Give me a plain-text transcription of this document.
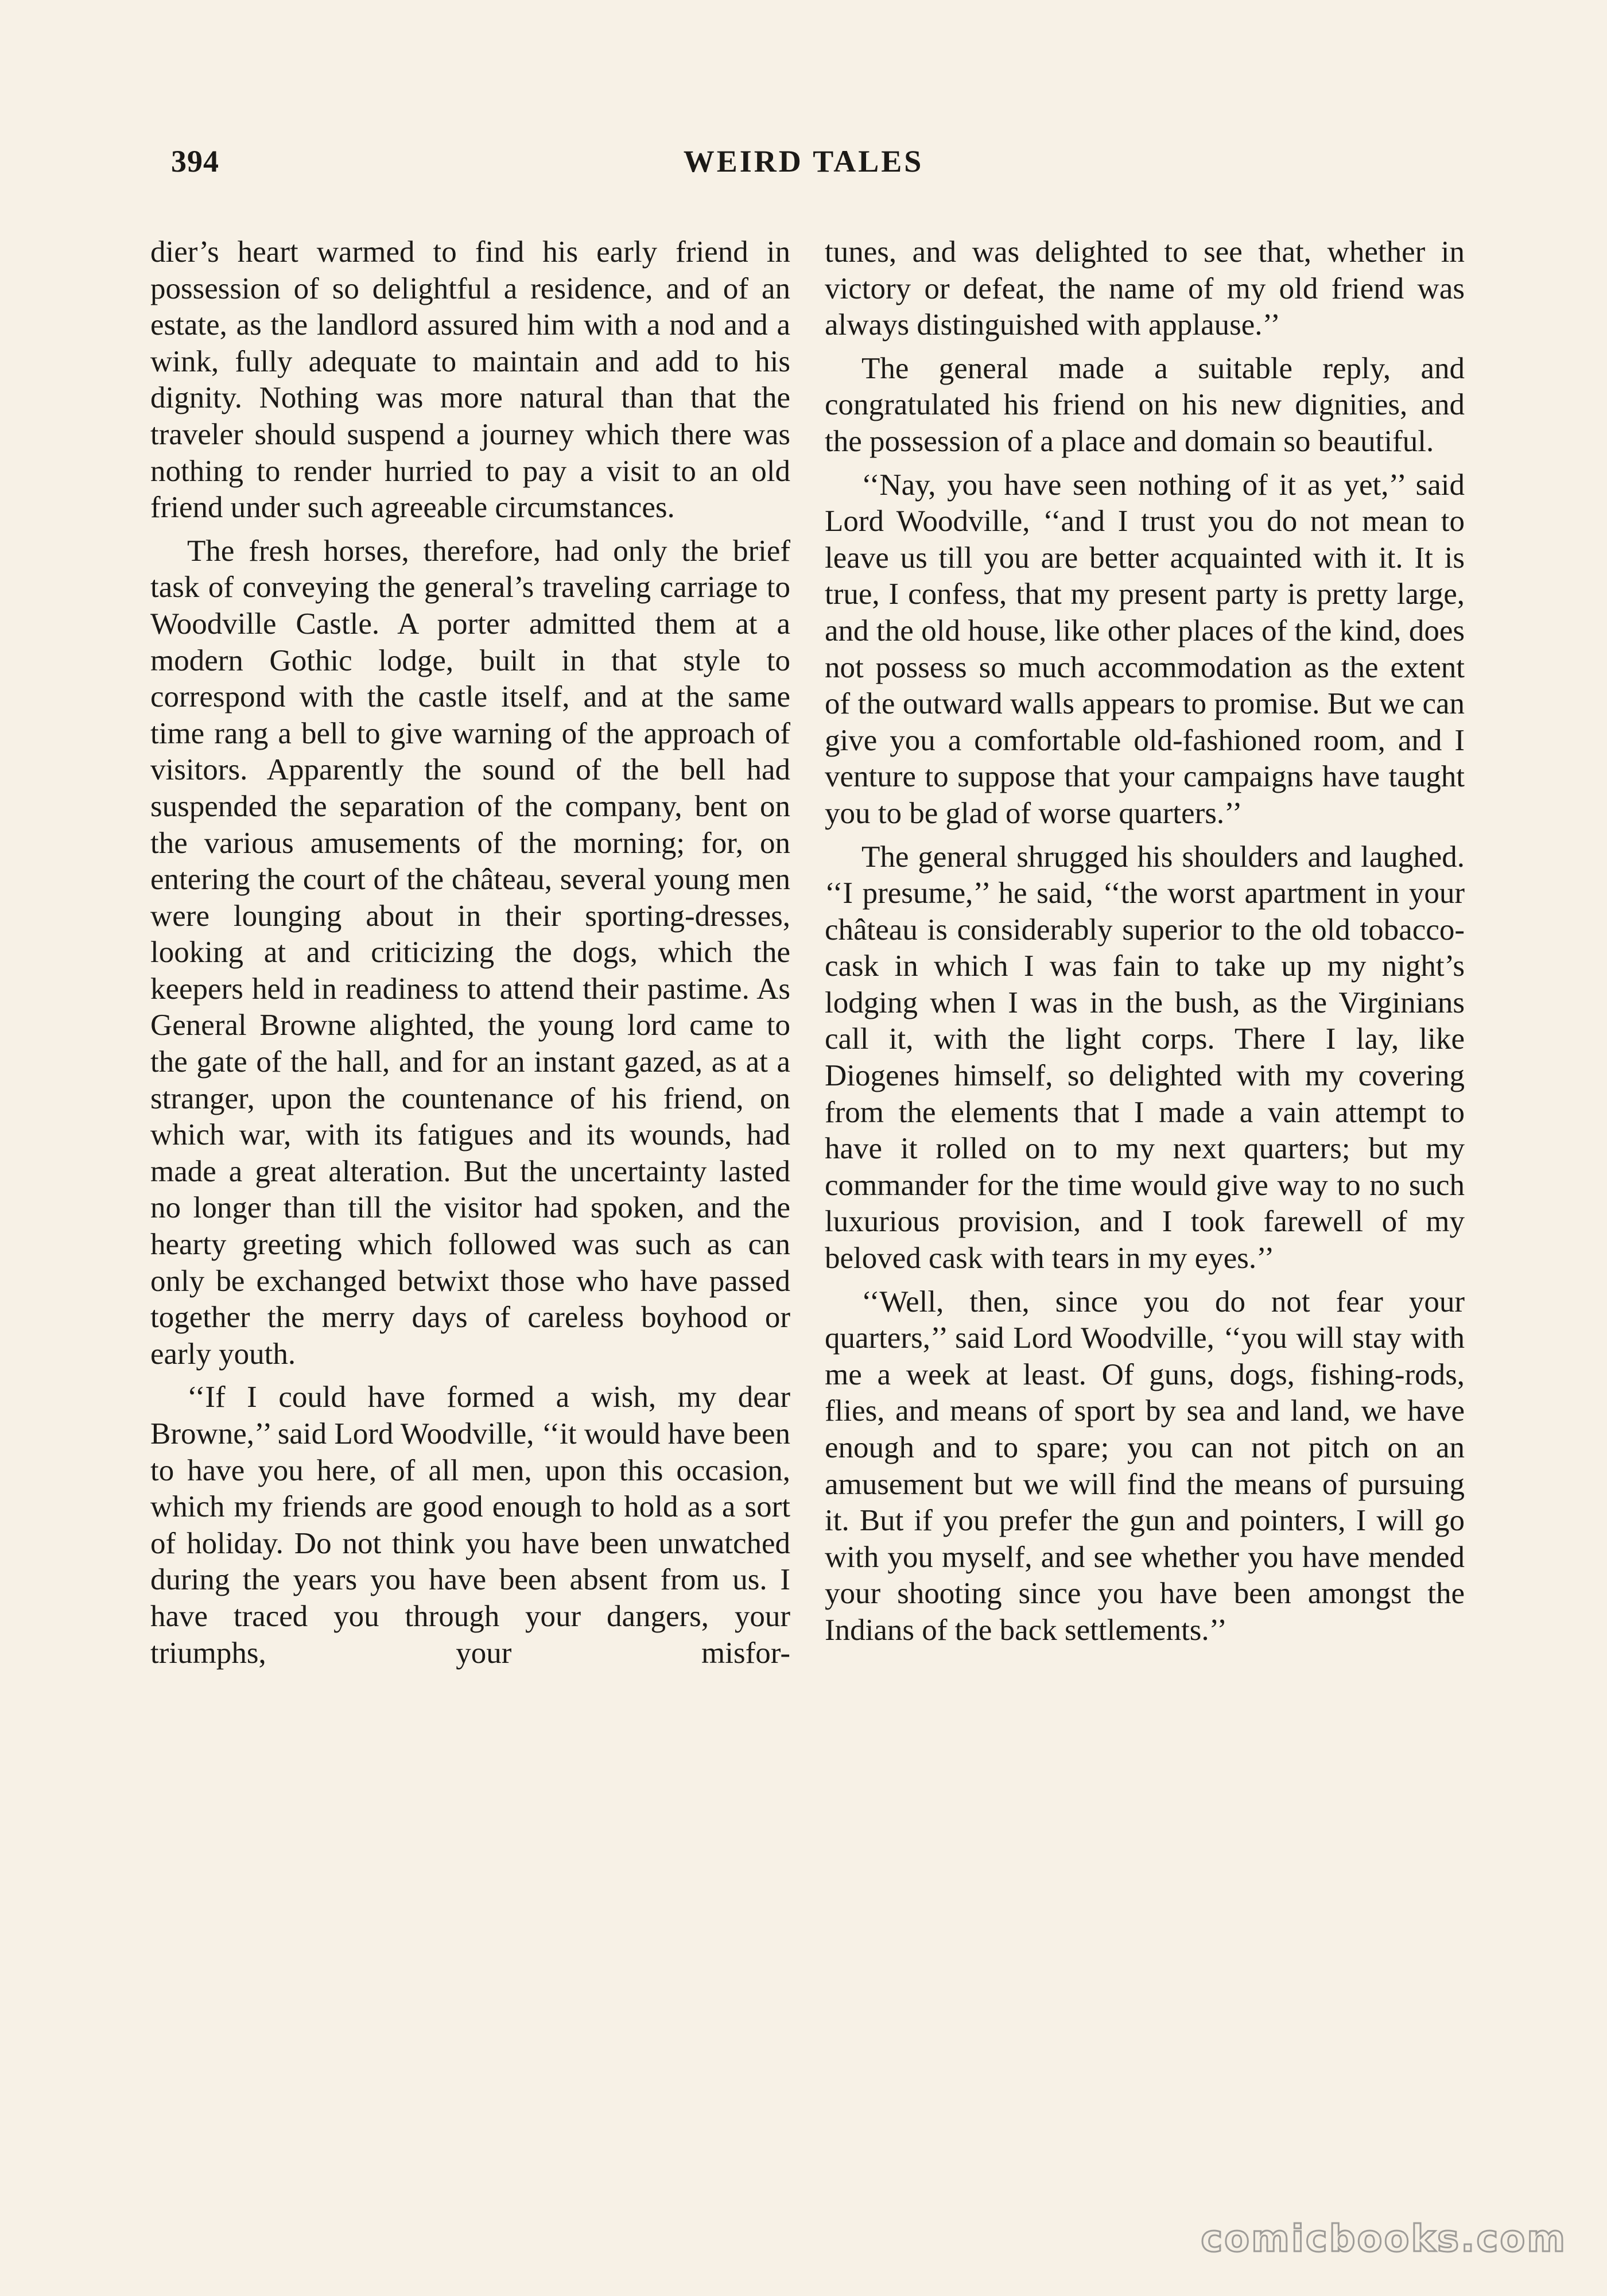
394	WEIRD TALES

dier’s heart warmed to find his early friend in possession of so delightful a residence, and of an estate, as the landlord assured him with a nod and a wink, fully adequate to maintain and add to his dignity. Nothing was more natural than that the traveler should suspend a journey which there was nothing to render hurried to pay a visit to an old friend under such agreeable circumstances.

The fresh horses, therefore, had only the brief task of conveying the general’s traveling carriage to Woodville Castle. A porter admitted them at a modern Gothic lodge, built in that style to correspond with the castle itself, and at the same time rang a bell to give warning of the approach of visitors. Apparently the sound of the bell had suspended the separation of the company, bent on the various amusements of the morning; for, on entering the court of the château, several young men were lounging about in their sporting-dresses, looking at and criticizing the dogs, which the keepers held in readiness to attend their pastime. As General Browne alighted, the young lord came to the gate of the hall, and for an instant gazed, as at a stranger, upon the countenance of his friend, on which war, with its fatigues and its wounds, had made a great alteration. But the uncertainty lasted no longer than till the visitor had spoken, and the hearty greeting which followed was such as can only be exchanged betwixt those who have passed together the merry days of careless boyhood or early youth.

‘‘If I could have formed a wish, my dear Browne,’’ said Lord Woodville, ‘‘it would have been to have you here, of all men, upon this occasion, which my friends are good enough to hold as a sort of holiday. Do not think you have been unwatched during the years you have been absent from us. I have traced you through your dangers, your triumphs, your misfor-

tunes, and was delighted to see that, whether in victory or defeat, the name of my old friend was always distinguished with applause.’’

The general made a suitable reply, and congratulated his friend on his new dignities, and the possession of a place and domain so beautiful.

‘‘Nay, you have seen nothing of it as yet,’’ said Lord Woodville, ‘‘and I trust you do not mean to leave us till you are better acquainted with it. It is true, I confess, that my present party is pretty large, and the old house, like other places of the kind, does not possess so much accommodation as the extent of the outward walls appears to promise. But we can give you a comfortable old-fashioned room, and I venture to suppose that your campaigns have taught you to be glad of worse quarters.’’

The general shrugged his shoulders and laughed. ‘‘I presume,’’ he said, ‘‘the worst apartment in your château is considerably superior to the old tobacco-cask in which I was fain to take up my night’s lodging when I was in the bush, as the Virginians call it, with the light corps. There I lay, like Diogenes himself, so delighted with my covering from the elements that I made a vain attempt to have it rolled on to my next quarters; but my commander for the time would give way to no such luxurious provision, and I took farewell of my beloved cask with tears in my eyes.’’

‘‘Well, then, since you do not fear your quarters,’’ said Lord Woodville, ‘‘you will stay with me a week at least. Of guns, dogs, fishing-rods, flies, and means of sport by sea and land, we have enough and to spare; you can not pitch on an amusement but we will find the means of pursuing it. But if you prefer the gun and pointers, I will go with you myself, and see whether you have mended your shooting since you have been amongst the Indians of the back settlements.’’

comicbooks.com
